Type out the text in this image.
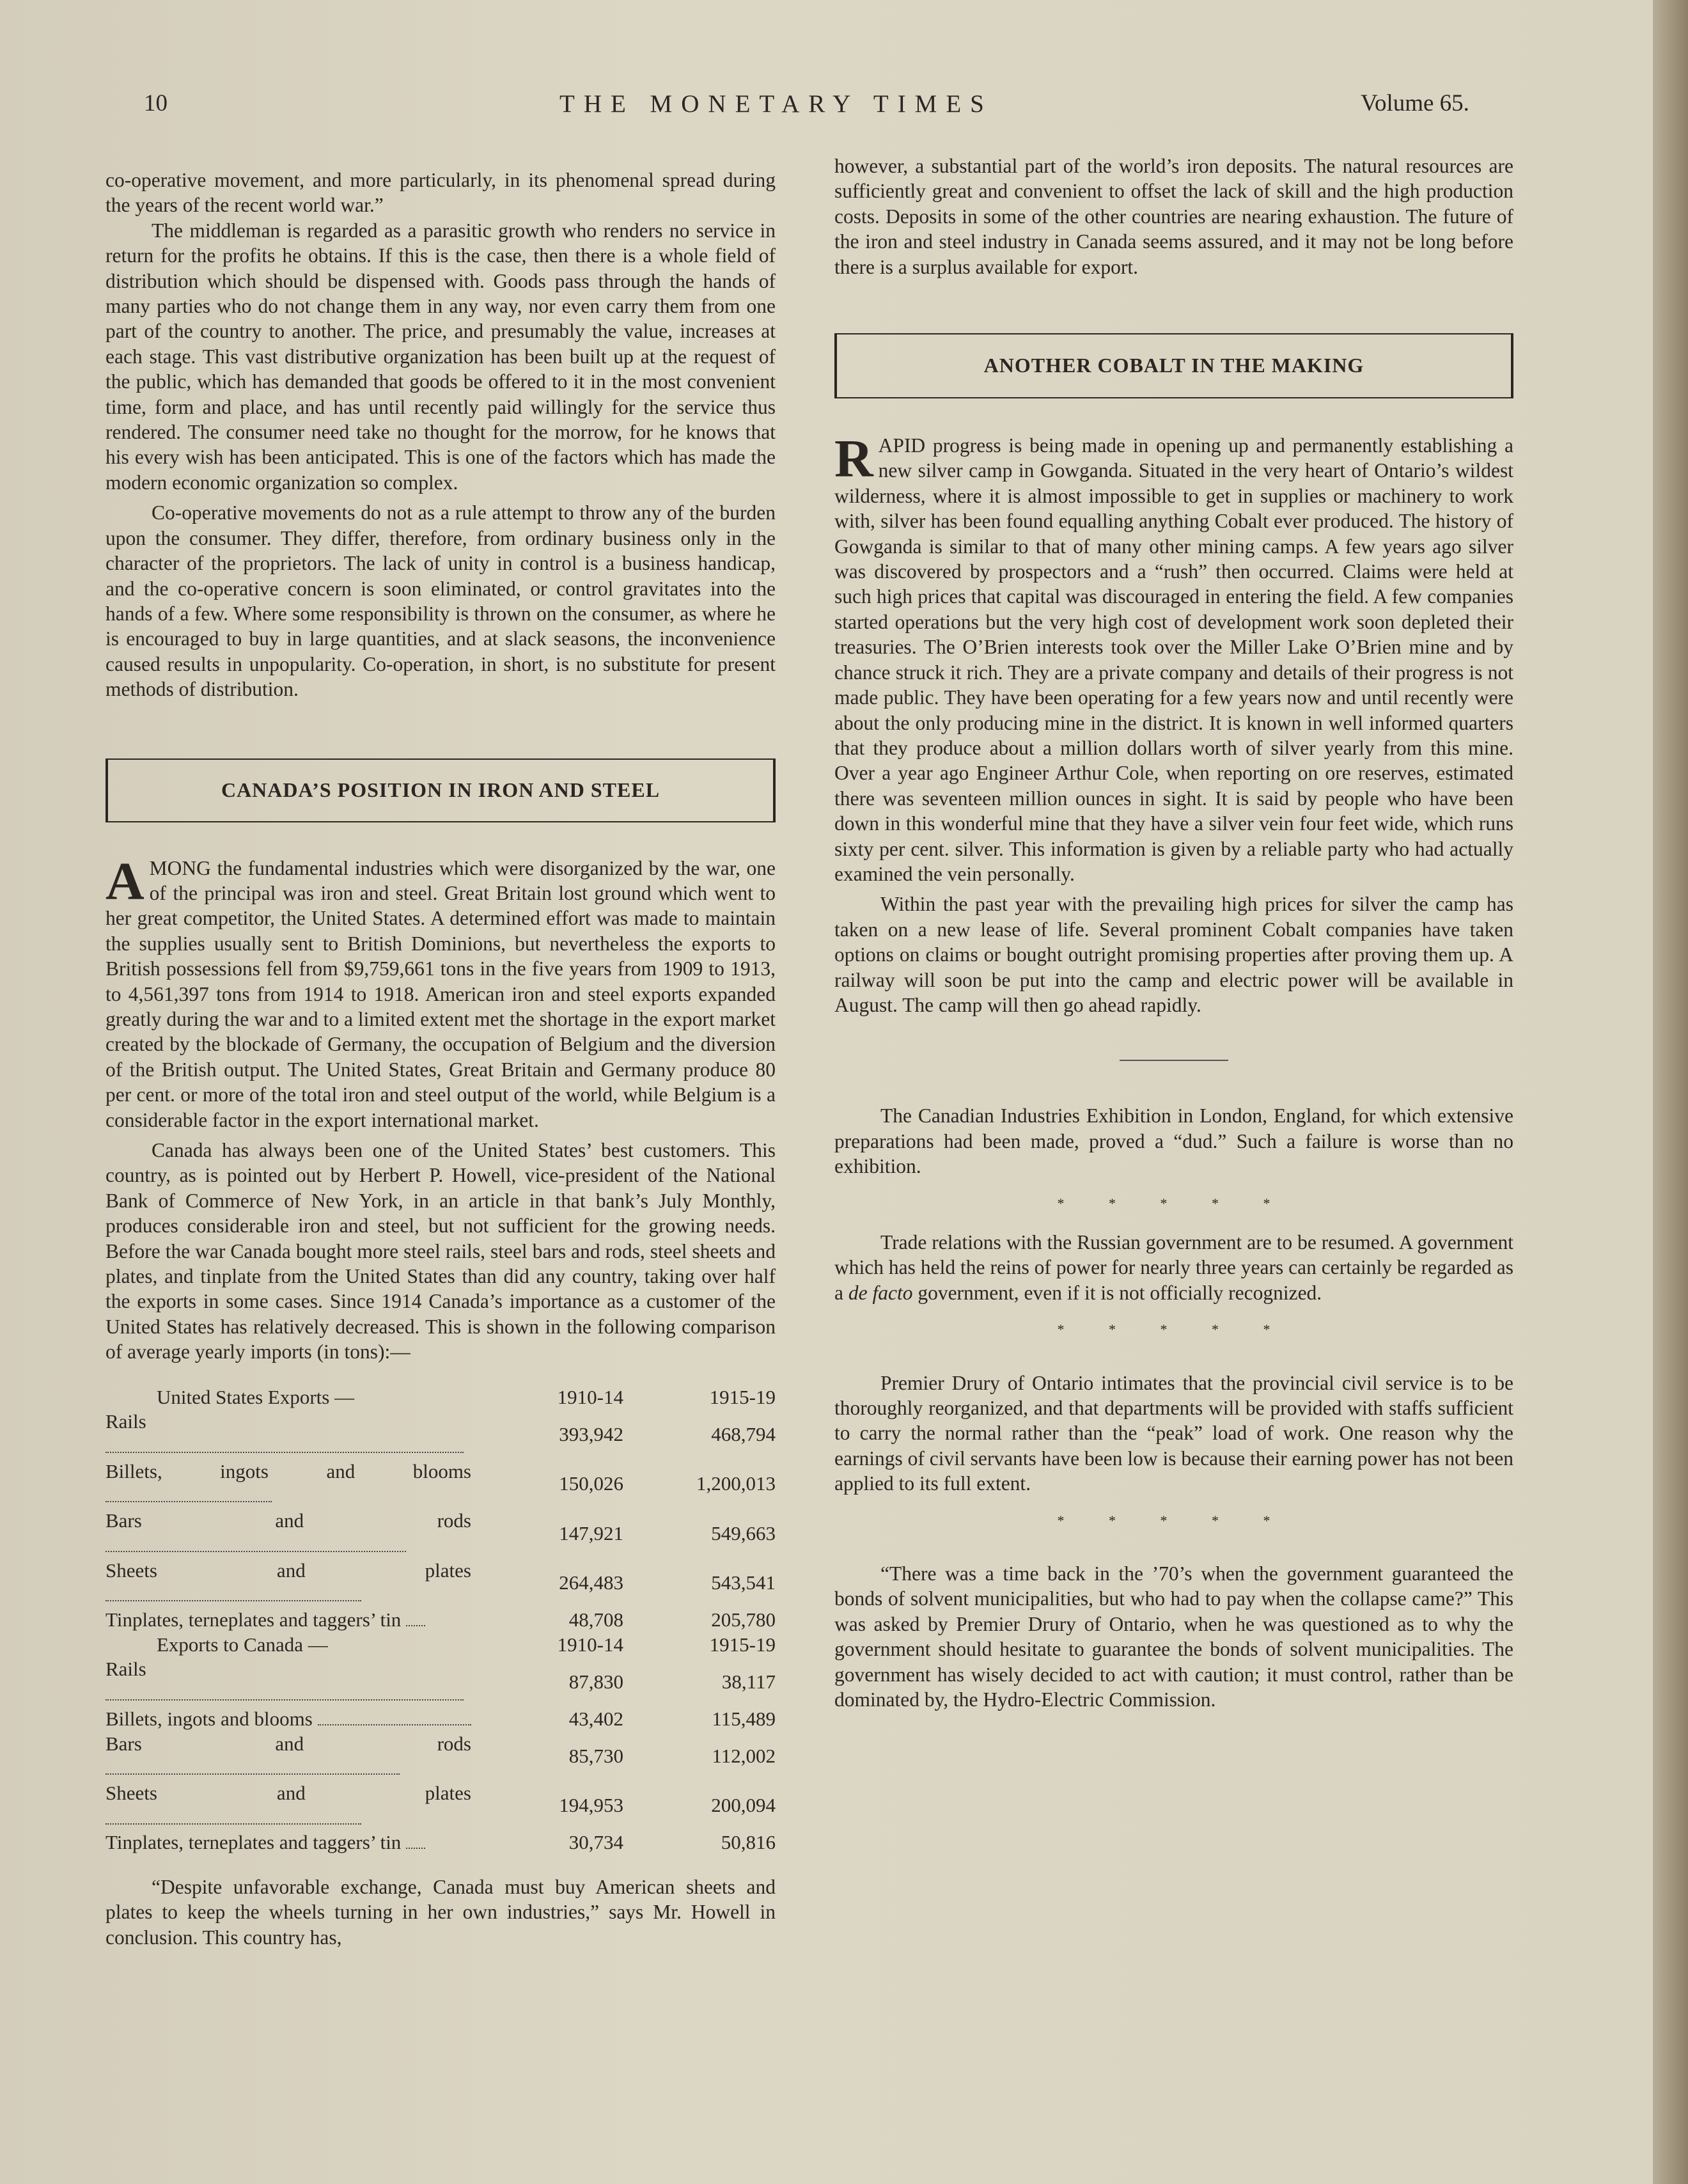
10	THE MONETARY TIMES	Volume 65.

co-operative movement, and more particularly, in its phenomenal spread during the years of the recent world war.”

The middleman is regarded as a parasitic growth who renders no service in return for the profits he obtains. If this is the case, then there is a whole field of distribution which should be dispensed with. Goods pass through the hands of many parties who do not change them in any way, nor even carry them from one part of the country to another. The price, and presumably the value, increases at each stage. This vast distributive organization has been built up at the request of the public, which has demanded that goods be offered to it in the most convenient time, form and place, and has until recently paid willingly for the service thus rendered. The consumer need take no thought for the morrow, for he knows that his every wish has been anticipated. This is one of the factors which has made the modern economic organization so complex.

Co-operative movements do not as a rule attempt to throw any of the burden upon the consumer. They differ, therefore, from ordinary business only in the character of the proprietors. The lack of unity in control is a business handicap, and the co-operative concern is soon eliminated, or control gravitates into the hands of a few. Where some responsibility is thrown on the consumer, as where he is encouraged to buy in large quantities, and at slack seasons, the inconvenience caused results in unpopularity. Co-operation, in short, is no substitute for present methods of distribution.

CANADA’S POSITION IN IRON AND STEEL

AMONG the fundamental industries which were disorganized by the war, one of the principal was iron and steel. Great Britain lost ground which went to her great competitor, the United States. A determined effort was made to maintain the supplies usually sent to British Dominions, but nevertheless the exports to British possessions fell from $9,759,661 tons in the five years from 1909 to 1913, to 4,561,397 tons from 1914 to 1918. American iron and steel exports expanded greatly during the war and to a limited extent met the shortage in the export market created by the blockade of Germany, the occupation of Belgium and the diversion of the British output. The United States, Great Britain and Germany produce 80 per cent. or more of the total iron and steel output of the world, while Belgium is a considerable factor in the export international market.

Canada has always been one of the United States’ best customers. This country, as is pointed out by Herbert P. Howell, vice-president of the National Bank of Commerce of New York, in an article in that bank’s July Monthly, produces considerable iron and steel, but not sufficient for the growing needs. Before the war Canada bought more steel rails, steel bars and rods, steel sheets and plates, and tinplate from the United States than did any country, taking over half the exports in some cases. Since 1914 Canada’s importance as a customer of the United States has relatively decreased. This is shown in the following comparison of average yearly imports (in tons):—

United States Exports —	1910-14	1915-19
Rails	393,942	468,794
Billets, ingots and blooms	150,026	1,200,013
Bars and rods	147,921	549,663
Sheets and plates	264,483	543,541
Tinplates, terneplates and taggers’ tin	48,708	205,780
Exports to Canada —	1910-14	1915-19
Rails	87,830	38,117
Billets, ingots and blooms	43,402	115,489
Bars and rods	85,730	112,002
Sheets and plates	194,953	200,094
Tinplates, terneplates and taggers’ tin	30,734	50,816

“Despite unfavorable exchange, Canada must buy American sheets and plates to keep the wheels turning in her own industries,” says Mr. Howell in conclusion. This country has,

however, a substantial part of the world’s iron deposits. The natural resources are sufficiently great and convenient to offset the lack of skill and the high production costs. Deposits in some of the other countries are nearing exhaustion. The future of the iron and steel industry in Canada seems assured, and it may not be long before there is a surplus available for export.

ANOTHER COBALT IN THE MAKING

RAPID progress is being made in opening up and permanently establishing a new silver camp in Gowganda. Situated in the very heart of Ontario’s wildest wilderness, where it is almost impossible to get in supplies or machinery to work with, silver has been found equalling anything Cobalt ever produced. The history of Gowganda is similar to that of many other mining camps. A few years ago silver was discovered by prospectors and a “rush” then occurred. Claims were held at such high prices that capital was discouraged in entering the field. A few companies started operations but the very high cost of development work soon depleted their treasuries. The O’Brien interests took over the Miller Lake O’Brien mine and by chance struck it rich. They are a private company and details of their progress is not made public. They have been operating for a few years now and until recently were about the only producing mine in the district. It is known in well informed quarters that they produce about a million dollars worth of silver yearly from this mine. Over a year ago Engineer Arthur Cole, when reporting on ore reserves, estimated there was seventeen million ounces in sight. It is said by people who have been down in this wonderful mine that they have a silver vein four feet wide, which runs sixty per cent. silver. This information is given by a reliable party who had actually examined the vein personally.

Within the past year with the prevailing high prices for silver the camp has taken on a new lease of life. Several prominent Cobalt companies have taken options on claims or bought outright promising properties after proving them up. A railway will soon be put into the camp and electric power will be available in August. The camp will then go ahead rapidly.

The Canadian Industries Exhibition in London, England, for which extensive preparations had been made, proved a “dud.” Such a failure is worse than no exhibition.

* * * * *

Trade relations with the Russian government are to be resumed. A government which has held the reins of power for nearly three years can certainly be regarded as a de facto government, even if it is not officially recognized.

* * * * *

Premier Drury of Ontario intimates that the provincial civil service is to be thoroughly reorganized, and that departments will be provided with staffs sufficient to carry the normal rather than the “peak” load of work. One reason why the earnings of civil servants have been low is because their earning power has not been applied to its full extent.

* * * * *

“There was a time back in the ’70’s when the government guaranteed the bonds of solvent municipalities, but who had to pay when the collapse came?” This was asked by Premier Drury of Ontario, when he was questioned as to why the government should hesitate to guarantee the bonds of solvent municipalities. The government has wisely decided to act with caution; it must control, rather than be dominated by, the Hydro-Electric Commission.
